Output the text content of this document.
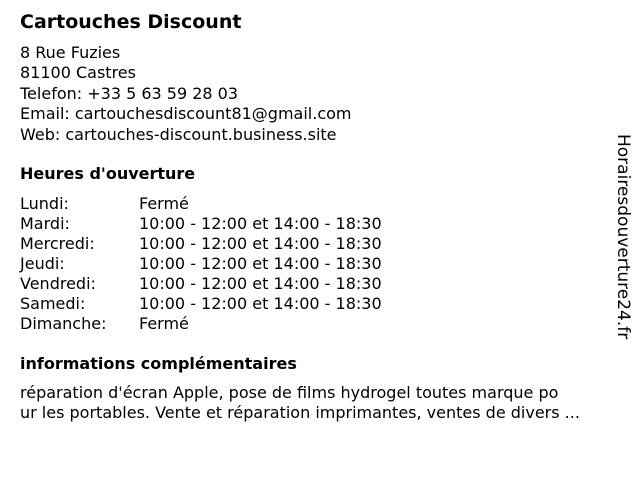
Cartouches Discount
8 Rue Fuzies
81100 Castres
Telefon: +33 5 63 59 28 03
Email: cartouchesdiscount81@gmail.com
Web: cartouches-discount.business.site
Heures d'ouverture
Lundi:	Fermé
Mardi:	10:00 - 12:00 et 14:00 - 18:30
Mercredi:	10:00 - 12:00 et 14:00 - 18:30
Jeudi:	10:00 - 12:00 et 14:00 - 18:30
Vendredi:	10:00 - 12:00 et 14:00 - 18:30
Samedi:	10:00 - 12:00 et 14:00 - 18:30
Dimanche: Fermé
informations complémentaires
réparation d'écran Apple, pose de films hydrogel toutes marque po
ur les portables. Vente et réparation imprimantes, ventes de divers ...
Horairesdouverture24.fr
